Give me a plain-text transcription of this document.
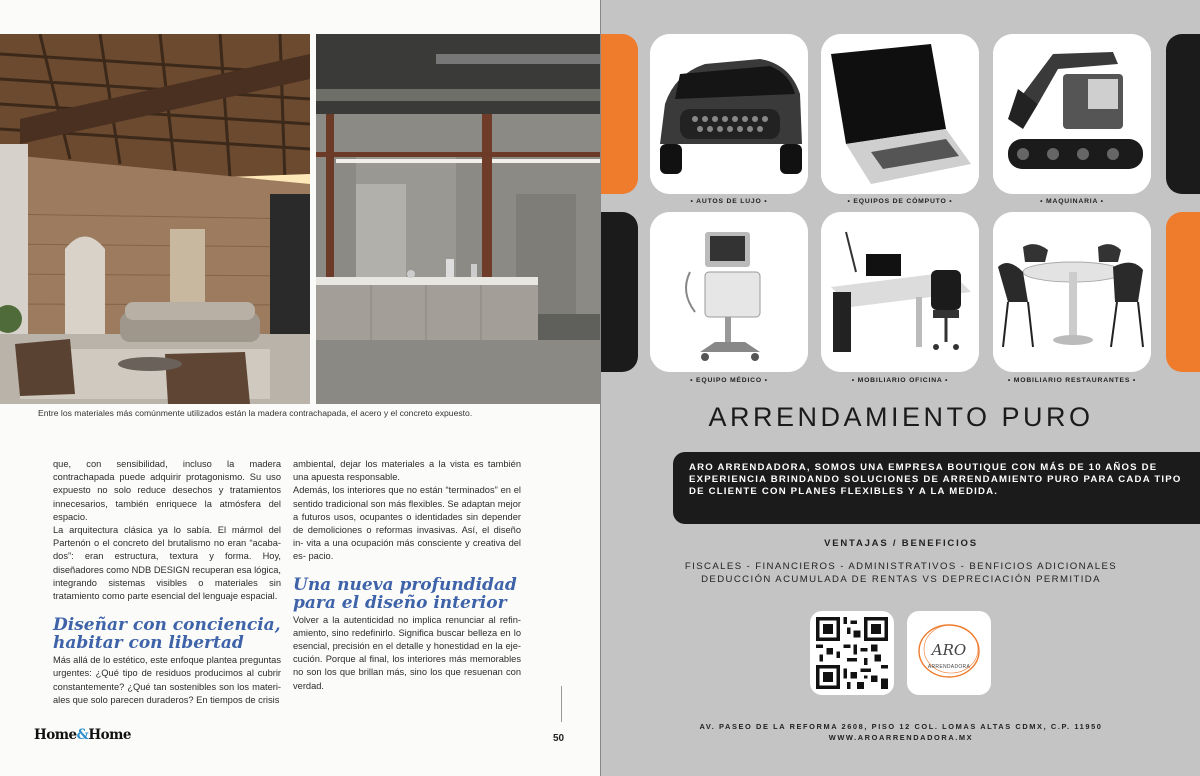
Entre los materiales más comúnmente utilizados están la madera contrachapada, el acero y el concreto expuesto.

que, con sensibilidad, incluso la madera contrachapada puede adquirir protagonismo. Su uso expuesto no solo reduce desechos y tratamientos innecesarios, también enriquece la atmósfera del espacio.

La arquitectura clásica ya lo sabía. El mármol del Partenón o el concreto del brutalismo no eran “acaba- dos”: eran estructura, textura y forma. Hoy, diseñadores como NDB DESIGN recuperan esa lógica, integrando sistemas visibles o materiales sin tratamiento como parte esencial del lenguaje espacial.

Diseñar con conciencia, habitar con libertad

Más allá de lo estético, este enfoque plantea preguntas urgentes: ¿Qué tipo de residuos producimos al cubrir constantemente? ¿Qué tan sostenibles son los materi- ales que solo parecen duraderos? En tiempos de crisis

ambiental, dejar los materiales a la vista es también una apuesta responsable.

Además, los interiores que no están “terminados” en el sentido tradicional son más flexibles. Se adaptan mejor a futuros usos, ocupantes o identidades sin depender de demoliciones o reformas invasivas. Así, el diseño in- vita a una ocupación más consciente y creativa del es- pacio.

Una nueva profundidad para el diseño interior

Volver a la autenticidad no implica renunciar al refin- amiento, sino redefinirlo. Significa buscar belleza en lo esencial, precisión en el detalle y honestidad en la eje- cución. Porque al final, los interiores más memorables no son los que brillan más, sino los que resuenan con verdad.

Home&Home	50
• AUTOS DE LUJO •	• EQUIPOS DE CÓMPUTO •	• MAQUINARIA •
• EQUIPO MÉDICO •	• MOBILIARIO OFICINA •	• MOBILIARIO RESTAURANTES •
ARRENDAMIENTO PURO
ARO ARRENDADORA, SOMOS UNA EMPRESA BOUTIQUE CON MÁS DE 10 AÑOS DE EXPERIENCIA BRINDANDO SOLUCIONES DE ARRENDAMIENTO PURO PARA CADA TIPO DE CLIENTE CON PLANES FLEXIBLES Y A LA MEDIDA.
VENTAJAS / BENEFICIOS
FISCALES - FINANCIEROS - ADMINISTRATIVOS - BENFICIOS ADICIONALES
DEDUCCIÓN ACUMULADA DE RENTAS VS DEPRECIACIÓN PERMITIDA
ARO
ARRENDADORA
AV. PASEO DE LA REFORMA 2608, PISO 12 COL. LOMAS ALTAS CDMX, C.P. 11950
WWW.AROARRENDADORA.MX
